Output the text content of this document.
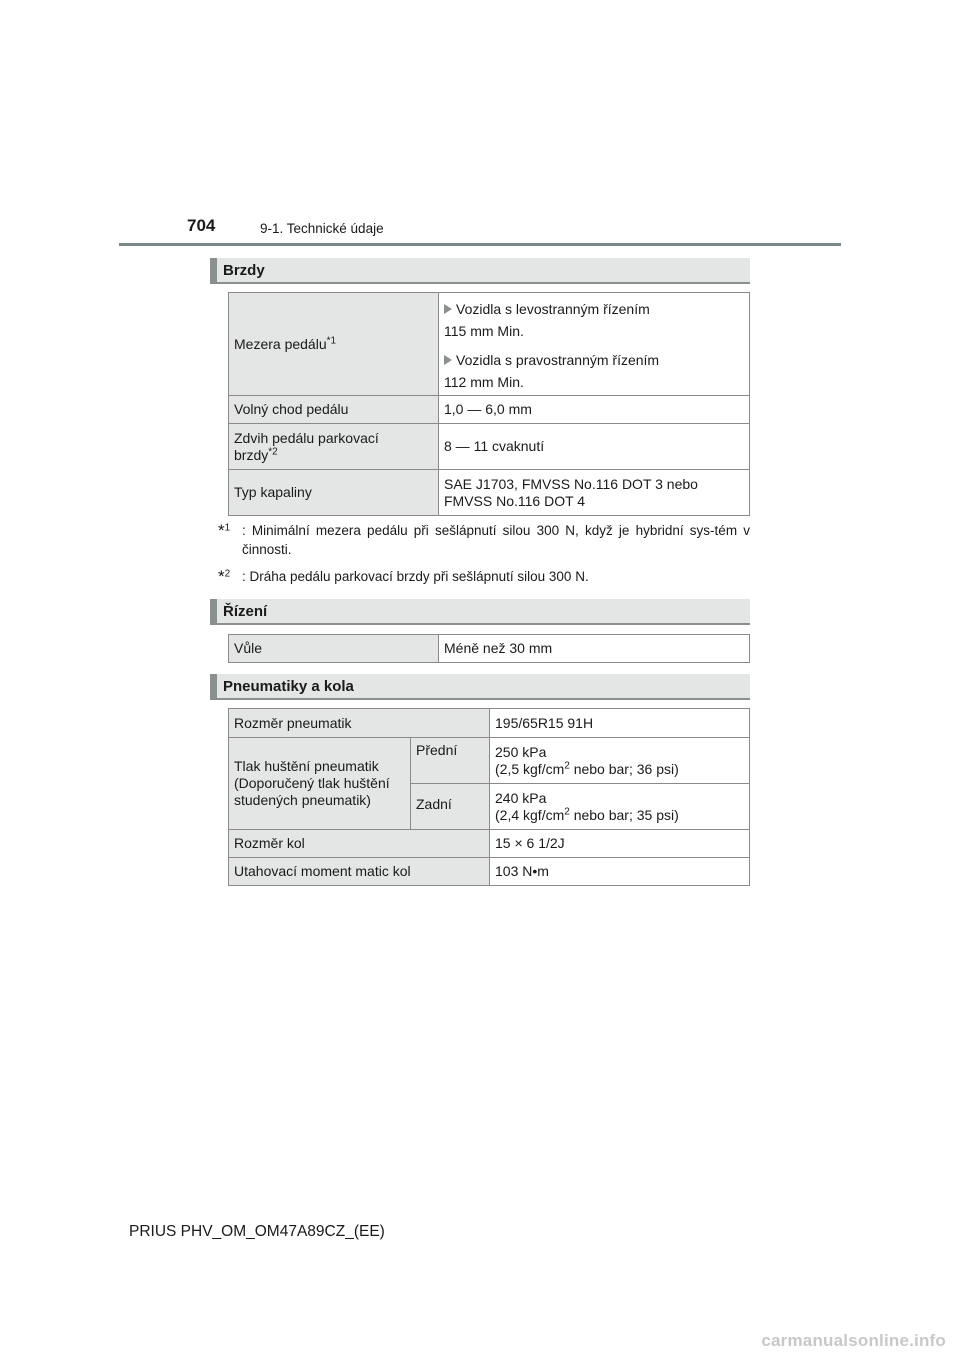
704	9-1. Technické údaje
Brzdy
Mezera pedálu$^{*1}$	Vozidla s levostranným řízením
115 mm Min.
Vozidla s pravostranným řízením
112 mm Min.

Volný chod pedálu	1,0 — 6,0 mm

Zdvih pedálu parkovací
brzdy$^{*2}$	8 — 11 cvaknutí
Typ kapaliny	SAE J1703, FMVSS No.116 DOT 3 nebo
FMVSS No.116 DOT 4
*$^1$ : Minimální mezera pedálu při sešlápnutí silou 300 N, když je hybridní sys-tém v činnosti.
*$^2$ : Dráha pedálu parkovací brzdy při sešlápnutí silou 300 N.
Řízení
Vůle	Méně než 30 mm
Pneumatiky a kola
Rozměr pneumatik		195/65R15 91H

Tlak huštění pneumatik
(Doporučený tlak huštění
studených pneumatik)	Přední	250 kPa
(2,5 kgf/$cm^2$ nebo bar; 36 psi)

	Zadní	240 kPa
(2,4 kgf/$cm^2$ nebo bar; 35 psi)

Rozměr kol		15 × 6 1/2J
Utahovací moment matic kol		103 N•m
PRIUS PHV_OM_OM47A89CZ_(EE)
carmanualsonline.info
